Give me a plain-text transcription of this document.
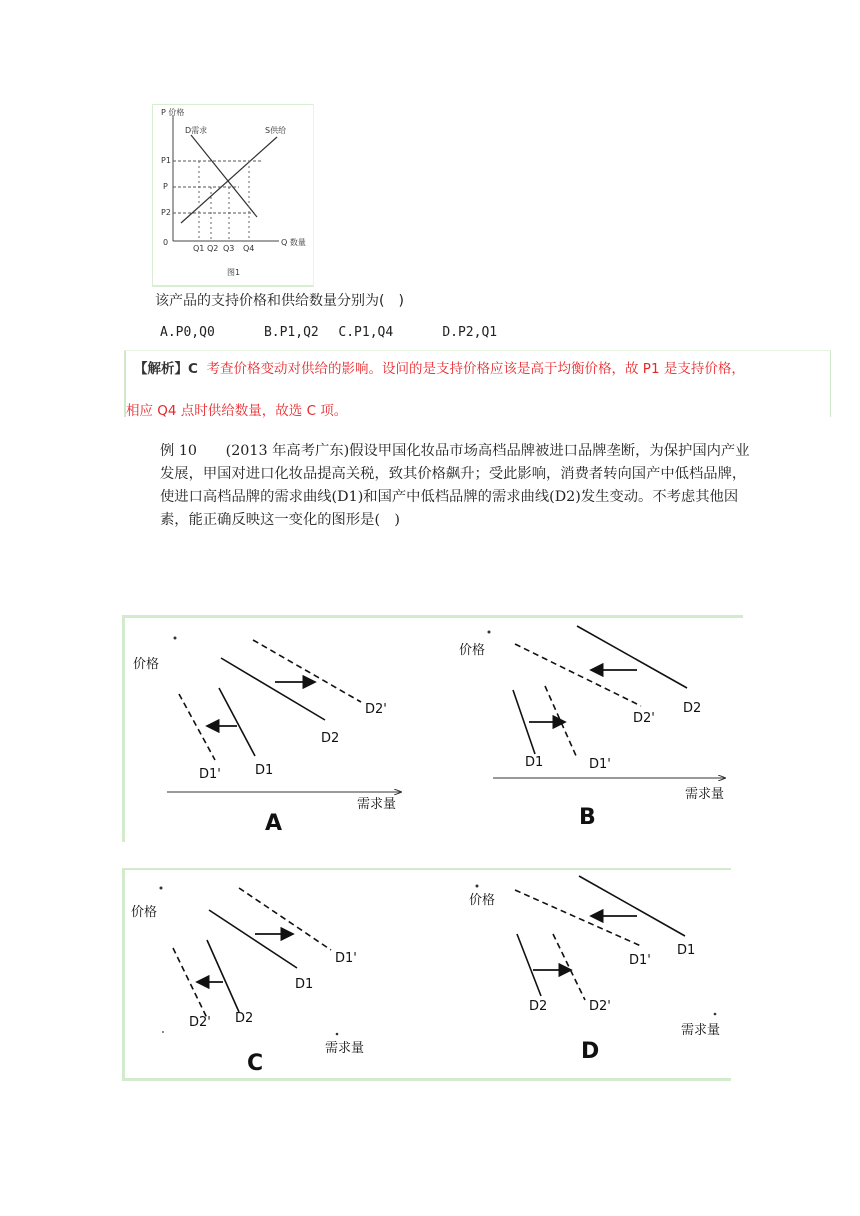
P 价格
D需求	S供给
P1
P
P2
0
Q1 Q2 Q3 Q4
Q 数量
图1
该产品的支持价格和供给数量分别为(　)
A.P0,Q0	B.P1,Q2 C.P1,Q4	D.P2,Q1
【解析】C 考查价格变动对供给的影响。设问的是支持价格应该是高于均衡价格，故 P1 是支持价格，
相应 Q4 点时供给数量，故选 C 项。
例 10　　(2013 年高考广东)假设甲国化妆品市场高档品牌被进口品牌垄断，为保护国内产业发展，甲国对进口化妆品提高关税，致其价格飙升；受此影响，消费者转向国产中低档品牌，使进口高档品牌的需求曲线(D1)和国产中低档品牌的需求曲线(D2)发生变动。不考虑其他因素，能正确反映这一变化的图形是(　)
价格
需求量
D1'	D1
D2
D2'
A
价格
需求量
D1	D1'
D2'
D2
B
价格
D2' D2
D1
D1'
需求量
C
价格
D2	D2'
D1'
D1
需求量
D
